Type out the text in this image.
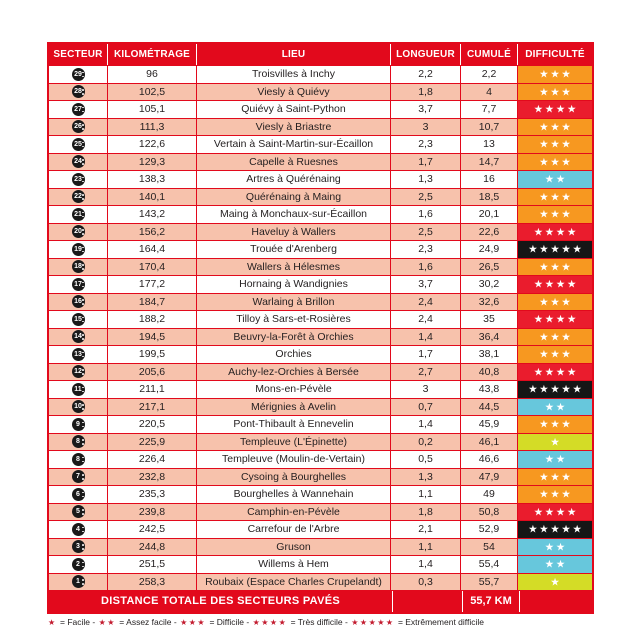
SECTEUR	KILOMÉTRAGE	LIEU	LONGUEUR	CUMULÉ	DIFFICULTÉ
29	96	Troisvilles à Inchy	2,2	2,2	★★★
28	102,5	Viesly à Quiévy	1,8	4	★★★
27	105,1	Quiévy à Saint-Python	3,7	7,7	★★★★
26	111,3	Viesly à Briastre	3	10,7	★★★
25	122,6	Vertain à Saint-Martin-sur-Écaillon	2,3	13	★★★
24	129,3	Capelle à Ruesnes	1,7	14,7	★★★
23	138,3	Artres à Quérénaing	1,3	16	★★
22	140,1	Quérénaing à Maing	2,5	18,5	★★★
21	143,2	Maing à Monchaux-sur-Écaillon	1,6	20,1	★★★
20	156,2	Haveluy à Wallers	2,5	22,6	★★★★
19	164,4	Trouée d'Arenberg	2,3	24,9	★★★★★
18	170,4	Wallers à Hélesmes	1,6	26,5	★★★
17	177,2	Hornaing à Wandignies	3,7	30,2	★★★★
16	184,7	Warlaing à Brillon	2,4	32,6	★★★
15	188,2	Tilloy à Sars-et-Rosières	2,4	35	★★★★
14	194,5	Beuvry-la-Forêt à Orchies	1,4	36,4	★★★
13	199,5	Orchies	1,7	38,1	★★★
12	205,6	Auchy-lez-Orchies à Bersée	2,7	40,8	★★★★
11	211,1	Mons-en-Pévèle	3	43,8	★★★★★
10	217,1	Mérignies à Avelin	0,7	44,5	★★
9	220,5	Pont-Thibault à Ennevelin	1,4	45,9	★★★
8	225,9	Templeuve (L'Épinette)	0,2	46,1	★
8	226,4	Templeuve (Moulin-de-Vertain)	0,5	46,6	★★
7	232,8	Cysoing à Bourghelles	1,3	47,9	★★★
6	235,3	Bourghelles à Wannehain	1,1	49	★★★
5	239,8	Camphin-en-Pévèle	1,8	50,8	★★★★
4	242,5	Carrefour de l'Arbre	2,1	52,9	★★★★★
3	244,8	Gruson	1,1	54	★★
2	251,5	Willems à Hem	1,4	55,4	★★
1	258,3	Roubaix (Espace Charles Crupelandt)	0,3	55,7	★
DISTANCE TOTALE DES SECTEURS PAVÉS	55,7 KM
★ = Facile - ★★ = Assez facile - ★★★ = Difficile - ★★★★ = Très difficile - ★★★★★ = Extrêmement difficile
